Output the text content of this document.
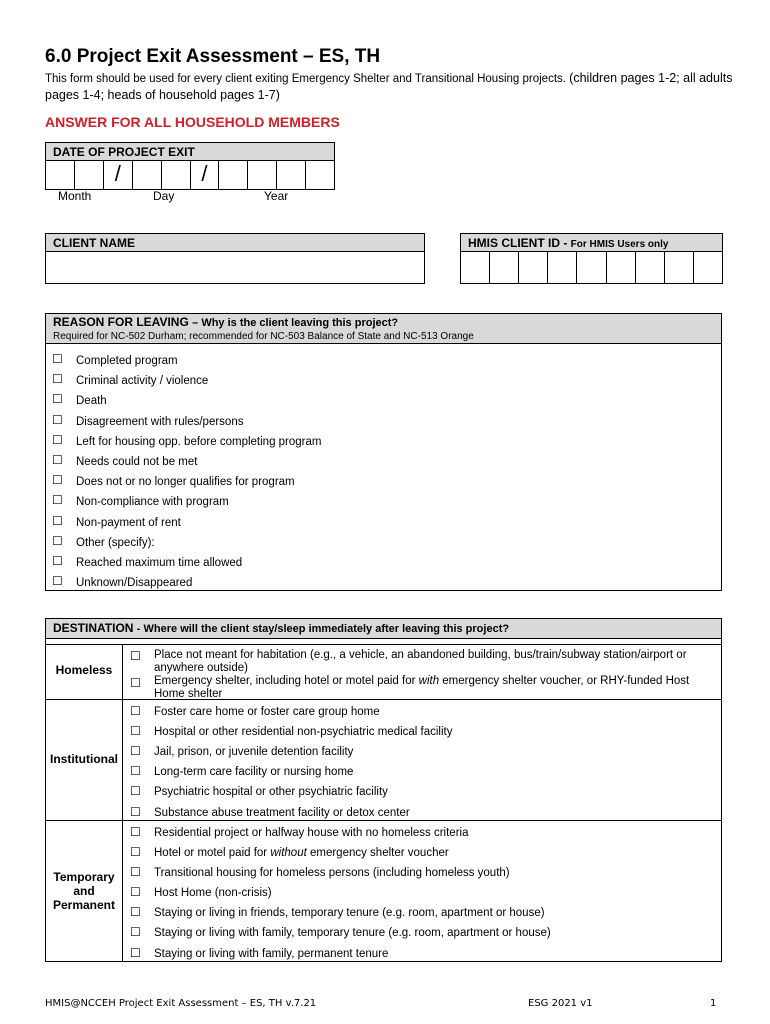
6.0 Project Exit Assessment – ES, TH
This form should be used for every client exiting Emergency Shelter and Transitional Housing projects. (children pages 1-2; all adults pages 1-4; heads of household pages 1-7)
ANSWER FOR ALL HOUSEHOLD MEMBERS
DATE OF PROJECT EXIT
/	/
Month	Day	Year
CLIENT NAME	HMIS CLIENT ID - For HMIS Users only
REASON FOR LEAVING – Why is the client leaving this project?
Required for NC-502 Durham; recommended for NC-503 Balance of State and NC-513 Orange
☐ Completed program
☐ Criminal activity / violence
☐ Death
☐ Disagreement with rules/persons
☐ Left for housing opp. before completing program
☐ Needs could not be met
☐ Does not or no longer qualifies for program
☐ Non-compliance with program
☐ Non-payment of rent
☐ Other (specify):
☐ Reached maximum time allowed
☐ Unknown/Disappeared
DESTINATION - Where will the client stay/sleep immediately after leaving this project?
Homeless
☐ Place not meant for habitation (e.g., a vehicle, an abandoned building, bus/train/subway station/airport or anywhere outside)
☐ Emergency shelter, including hotel or motel paid for with emergency shelter voucher, or RHY-funded Host Home shelter
Institutional
☐ Foster care home or foster care group home
☐ Hospital or other residential non-psychiatric medical facility
☐ Jail, prison, or juvenile detention facility
☐ Long-term care facility or nursing home
☐ Psychiatric hospital or other psychiatric facility
☐ Substance abuse treatment facility or detox center
Temporary
and
Permanent
☐ Residential project or halfway house with no homeless criteria
☐ Hotel or motel paid for without emergency shelter voucher
☐ Transitional housing for homeless persons (including homeless youth)
☐ Host Home (non-crisis)
☐ Staying or living in friends, temporary tenure (e.g. room, apartment or house)
☐ Staying or living with family, temporary tenure (e.g. room, apartment or house)
☐ Staying or living with family, permanent tenure
HMIS@NCCEH Project Exit Assessment – ES, TH v.7.21	ESG 2021 v1	1
